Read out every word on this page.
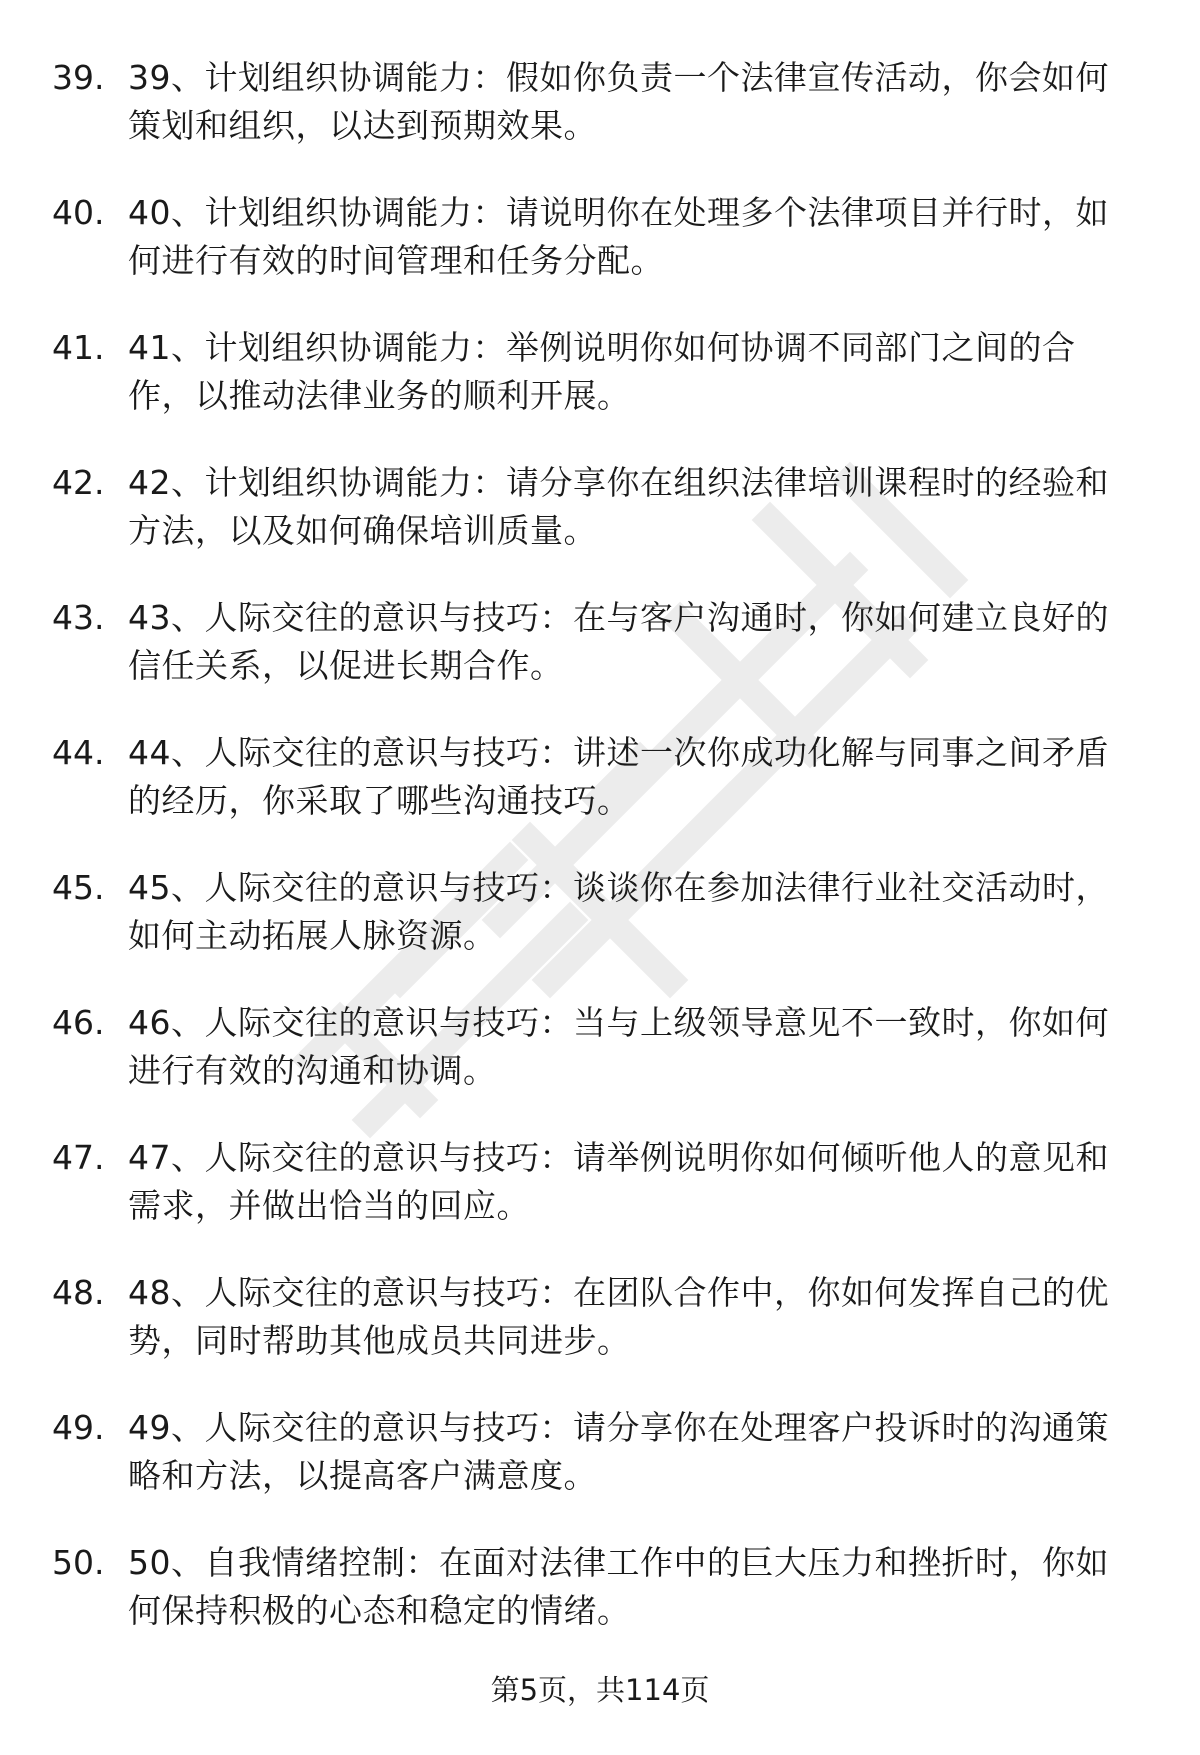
39. 39、计划组织协调能力：假如你负责一个法律宣传活动，你会如何策划和组织，以达到预期效果。
40. 40、计划组织协调能力：请说明你在处理多个法律项目并行时，如何进行有效的时间管理和任务分配。
41. 41、计划组织协调能力：举例说明你如何协调不同部门之间的合作，以推动法律业务的顺利开展。
42. 42、计划组织协调能力：请分享你在组织法律培训课程时的经验和方法，以及如何确保培训质量。
43. 43、人际交往的意识与技巧：在与客户沟通时，你如何建立良好的信任关系，以促进长期合作。
44. 44、人际交往的意识与技巧：讲述一次你成功化解与同事之间矛盾的经历，你采取了哪些沟通技巧。
45. 45、人际交往的意识与技巧：谈谈你在参加法律行业社交活动时，如何主动拓展人脉资源。
46. 46、人际交往的意识与技巧：当与上级领导意见不一致时，你如何进行有效的沟通和协调。
47. 47、人际交往的意识与技巧：请举例说明你如何倾听他人的意见和需求，并做出恰当的回应。
48. 48、人际交往的意识与技巧：在团队合作中，你如何发挥自己的优势，同时帮助其他成员共同进步。
49. 49、人际交往的意识与技巧：请分享你在处理客户投诉时的沟通策略和方法，以提高客户满意度。
50. 50、自我情绪控制：在面对法律工作中的巨大压力和挫折时，你如何保持积极的心态和稳定的情绪。
第5页，共114页
